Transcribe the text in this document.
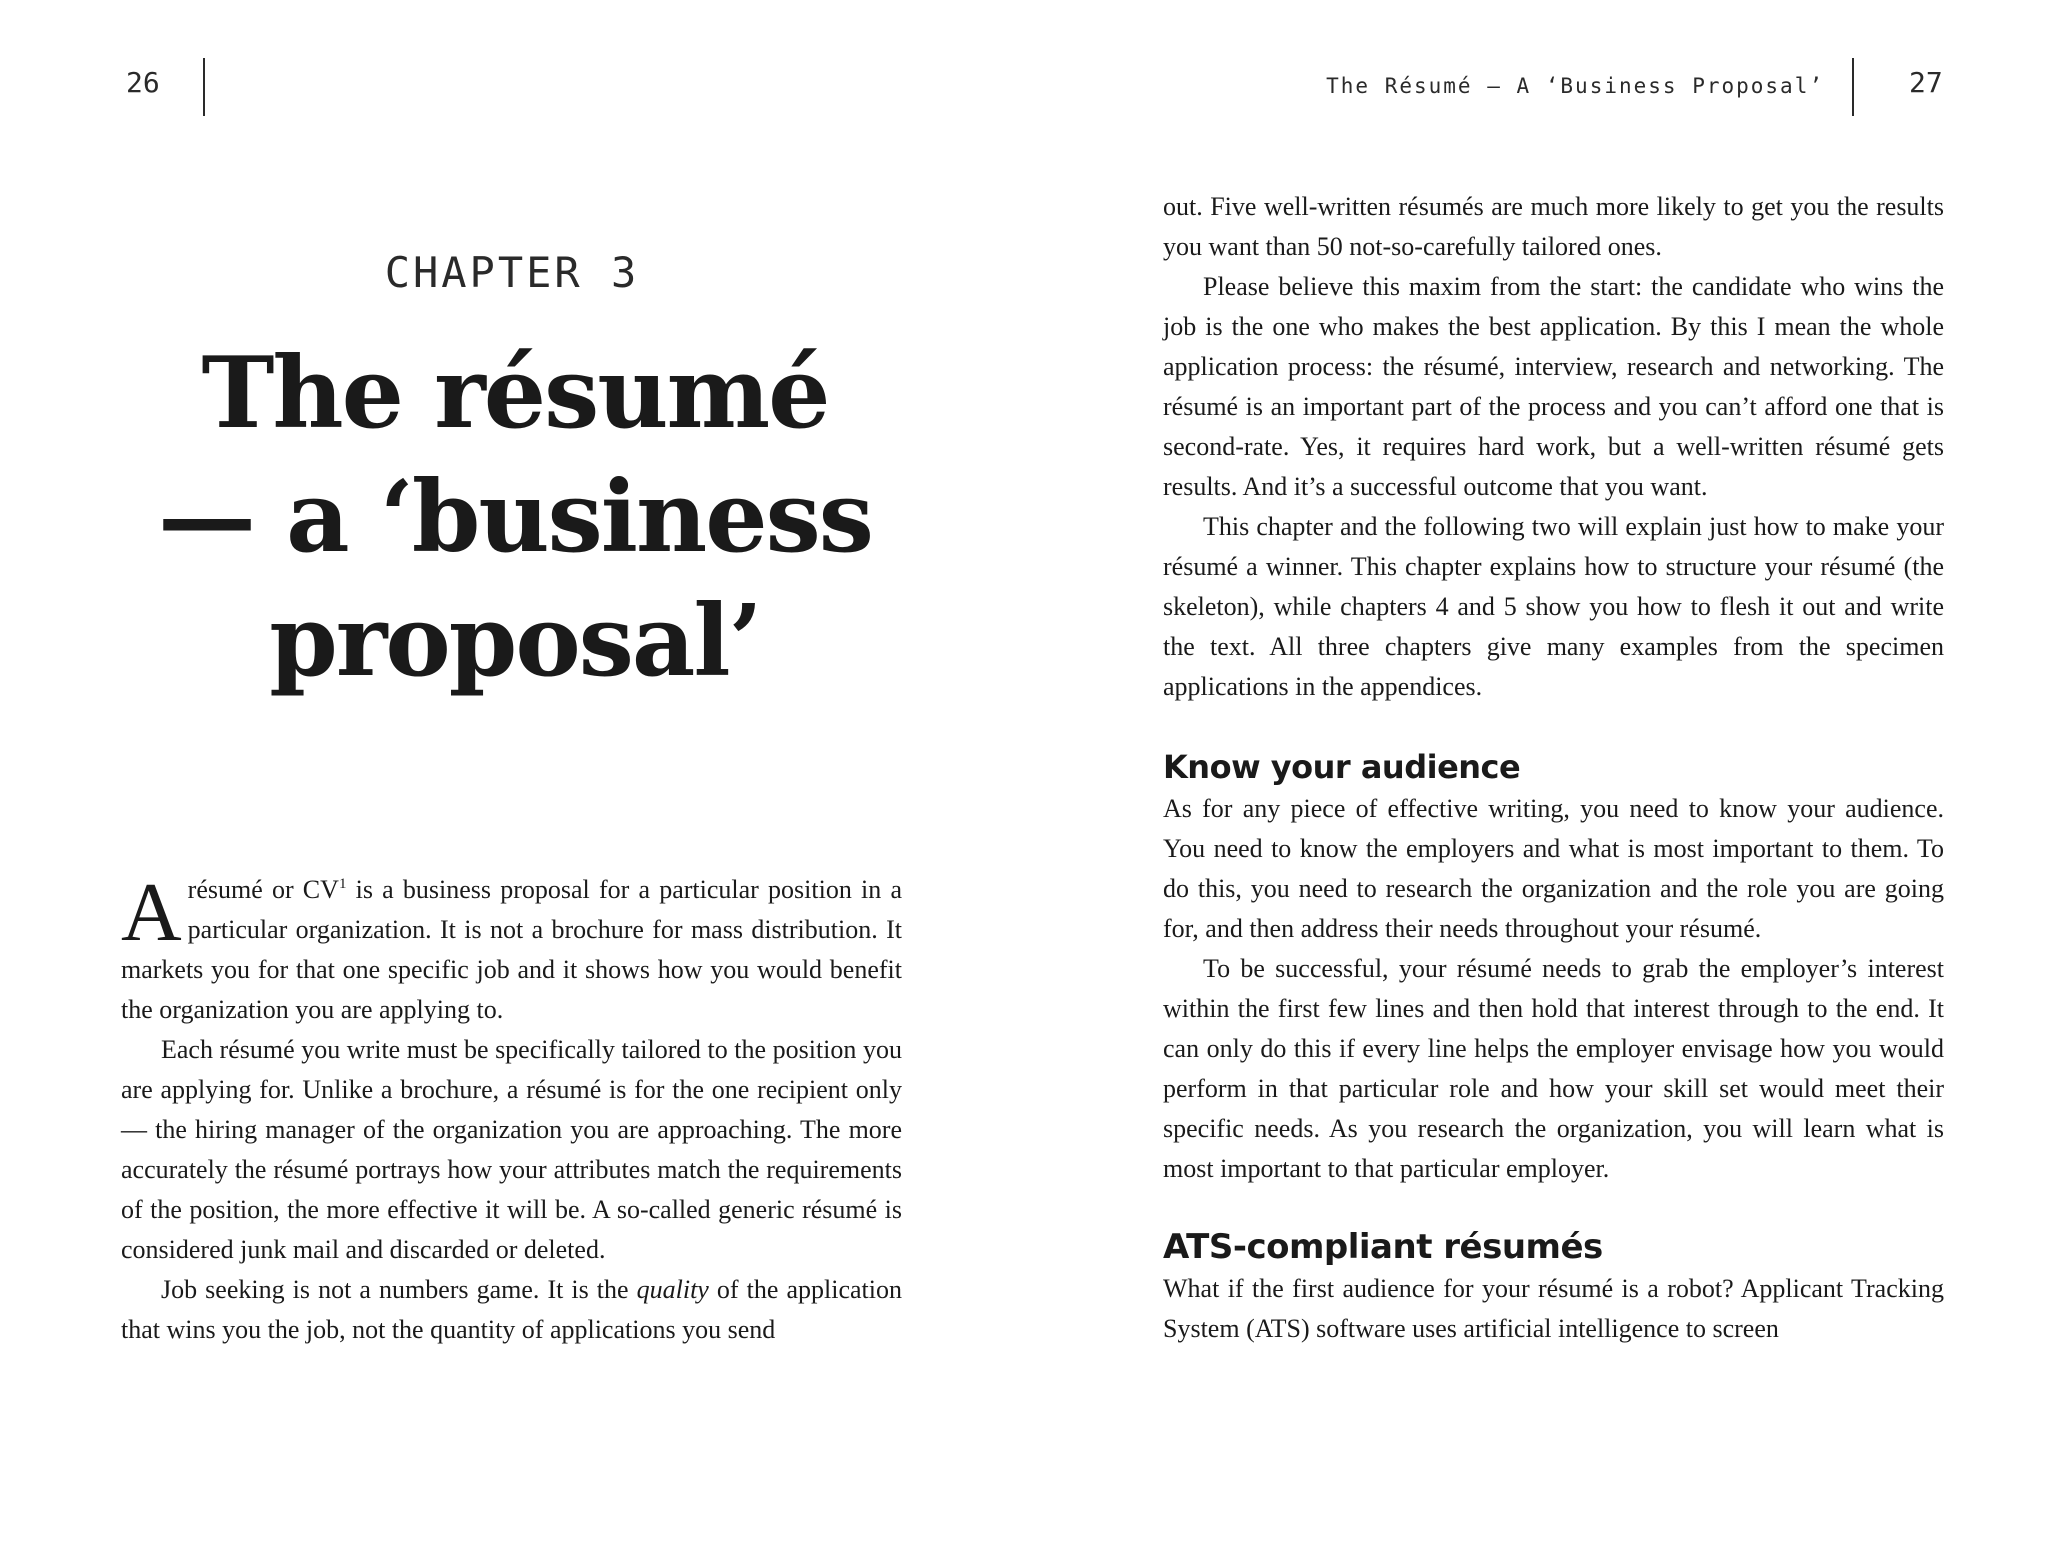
26
CHAPTER 3
The résumé
— a ‘business
proposal’

Arésumé or $CV^1$ is a business proposal for a particular position in a particular organization. It is not a brochure for mass distribution. It markets you for that one specific job and it shows how you would benefit the organization you are applying to.

Each résumé you write must be specifically tailored to the position you are applying for. Unlike a brochure, a résumé is for the one recipient only — the hiring manager of the organization you are approaching. The more accurately the résumé portrays how your attributes match the requirements of the position, the more effective it will be. A so-called generic résumé is considered junk mail and discarded or deleted.

Job seeking is not a numbers game. It is the quality of the application that wins you the job, not the quantity of applications you send

The Résumé — A ‘Business Proposal’	27

out. Five well-written résumés are much more likely to get you the results you want than 50 not-so-carefully tailored ones.

Please believe this maxim from the start: the candidate who wins the job is the one who makes the best application. By this I mean the whole application process: the résumé, interview, research and networking. The résumé is an important part of the process and you can’t afford one that is second-rate. Yes, it requires hard work, but a well-written résumé gets results. And it’s a successful outcome that you want.

This chapter and the following two will explain just how to make your résumé a winner. This chapter explains how to structure your résumé (the skeleton), while chapters 4 and 5 show you how to flesh it out and write the text. All three chapters give many examples from the specimen applications in the appendices.

Know your audience

As for any piece of effective writing, you need to know your audience. You need to know the employers and what is most important to them. To do this, you need to research the organization and the role you are going for, and then address their needs throughout your résumé.

To be successful, your résumé needs to grab the employer’s interest within the first few lines and then hold that interest through to the end. It can only do this if every line helps the employer envisage how you would perform in that particular role and how your skill set would meet their specific needs. As you research the organization, you will learn what is most important to that particular employer.

ATS-compliant résumés

What if the first audience for your résumé is a robot? Applicant Tracking System (ATS) software uses artificial intelligence to screen
